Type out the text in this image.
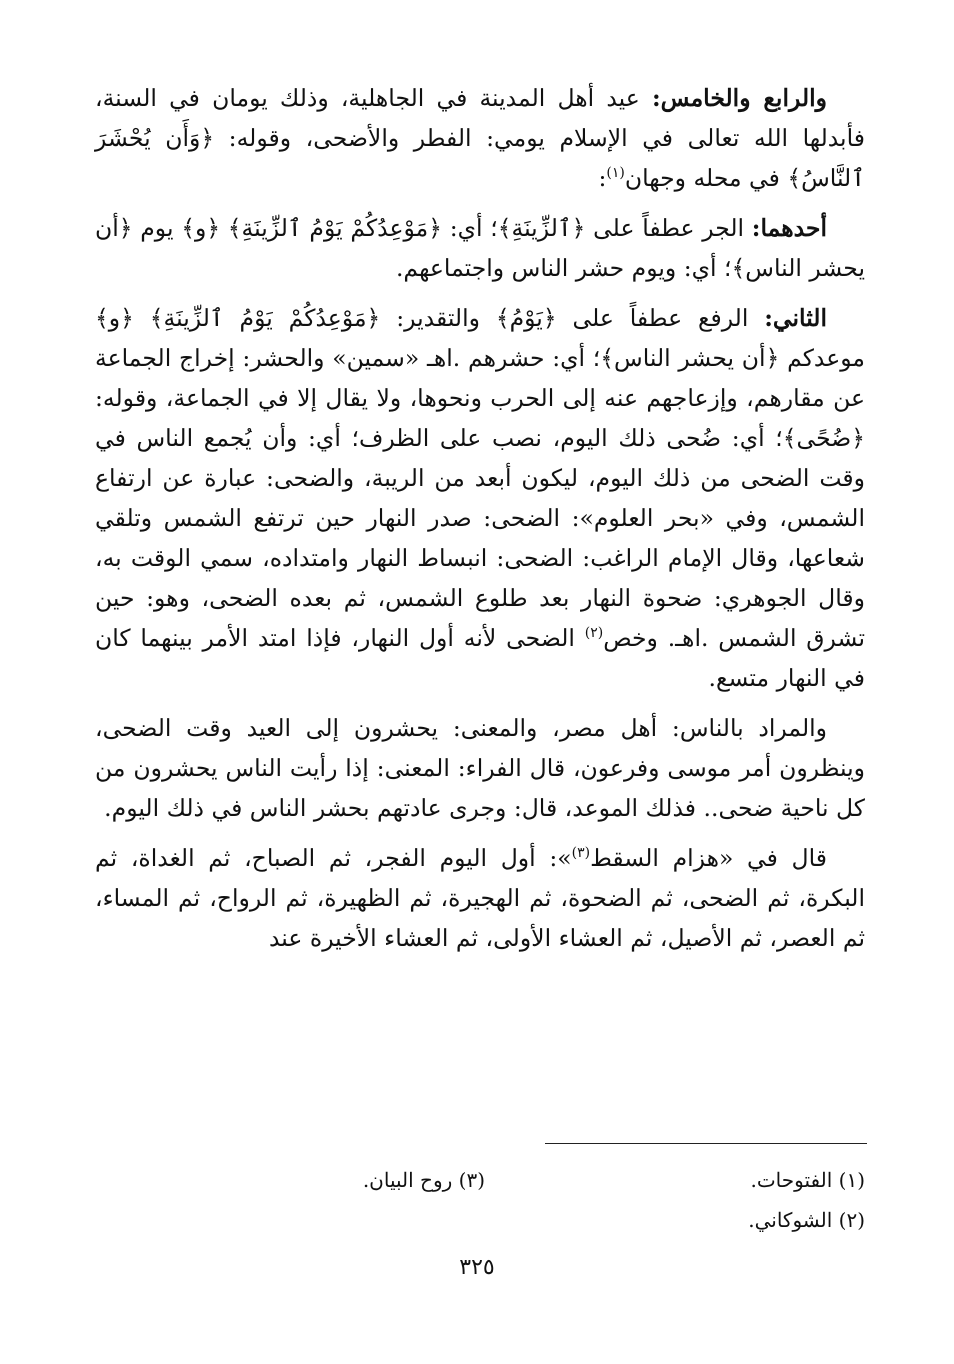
والرابع والخامس: عيد أهل المدينة في الجاهلية، وذلك يومان في السنة، فأبدلها الله تعالى في الإسلام يومي: الفطر والأضحى، وقوله: ﴿وَأَن يُحْشَرَ ٱلنَّاسُ﴾ في محله وجهان$^{(١)}$:

أحدهما: الجر عطفاً على ﴿ٱلزِّينَةِ﴾؛ أي: ﴿مَوْعِدُكُمْ يَوْمُ ٱلزِّينَةِ﴾ ﴿و﴾ يوم ﴿أن يحشر الناس﴾؛ أي: ويوم حشر الناس واجتماعهم.

الثاني: الرفع عطفاً على ﴿يَوْمُ﴾ والتقدير: ﴿مَوْعِدُكُمْ يَوْمُ ٱلزِّينَةِ﴾ ﴿و﴾ موعدكم ﴿أن يحشر الناس﴾؛ أي: حشرهم .اهـ «سمين» والحشر: إخراج الجماعة عن مقارهم، وإزعاجهم عنه إلى الحرب ونحوها، ولا يقال إلا في الجماعة، وقوله: ﴿ضُحًى﴾؛ أي: ضُحى ذلك اليوم، نصب على الظرف؛ أي: وأن يُجمع الناس في وقت الضحى من ذلك اليوم، ليكون أبعد من الريبة، والضحى: عبارة عن ارتفاع الشمس، وفي «بحر العلوم»: الضحى: صدر النهار حين ترتفع الشمس وتلقي شعاعها، وقال الإمام الراغب: الضحى: انبساط النهار وامتداده، سمي الوقت به، وقال الجوهري: ضحوة النهار بعد طلوع الشمس، ثم بعده الضحى، وهو: حين تشرق الشمس .اهـ. وخص$^{(٢)}$ الضحى لأنه أول النهار، فإذا امتد الأمر بينهما كان في النهار متسع.

والمراد بالناس: أهل مصر، والمعنى: يحشرون إلى العيد وقت الضحى، وينظرون أمر موسى وفرعون، قال الفراء: المعنى: إذا رأيت الناس يحشرون من كل ناحية ضحى.. فذلك الموعد، قال: وجرى عادتهم بحشر الناس في ذلك اليوم.

قال في «هزام السقط$^{(٣)}$»: أول اليوم الفجر، ثم الصباح، ثم الغداة، ثم البكرة، ثم الضحى، ثم الضحوة، ثم الهجيرة، ثم الظهيرة، ثم الرواح، ثم المساء، ثم العصر، ثم الأصيل، ثم العشاء الأولى، ثم العشاء الأخيرة عند

(١) الفتوحات.
(٣) روح البيان.
(٢) الشوكاني.
٣٢٥
